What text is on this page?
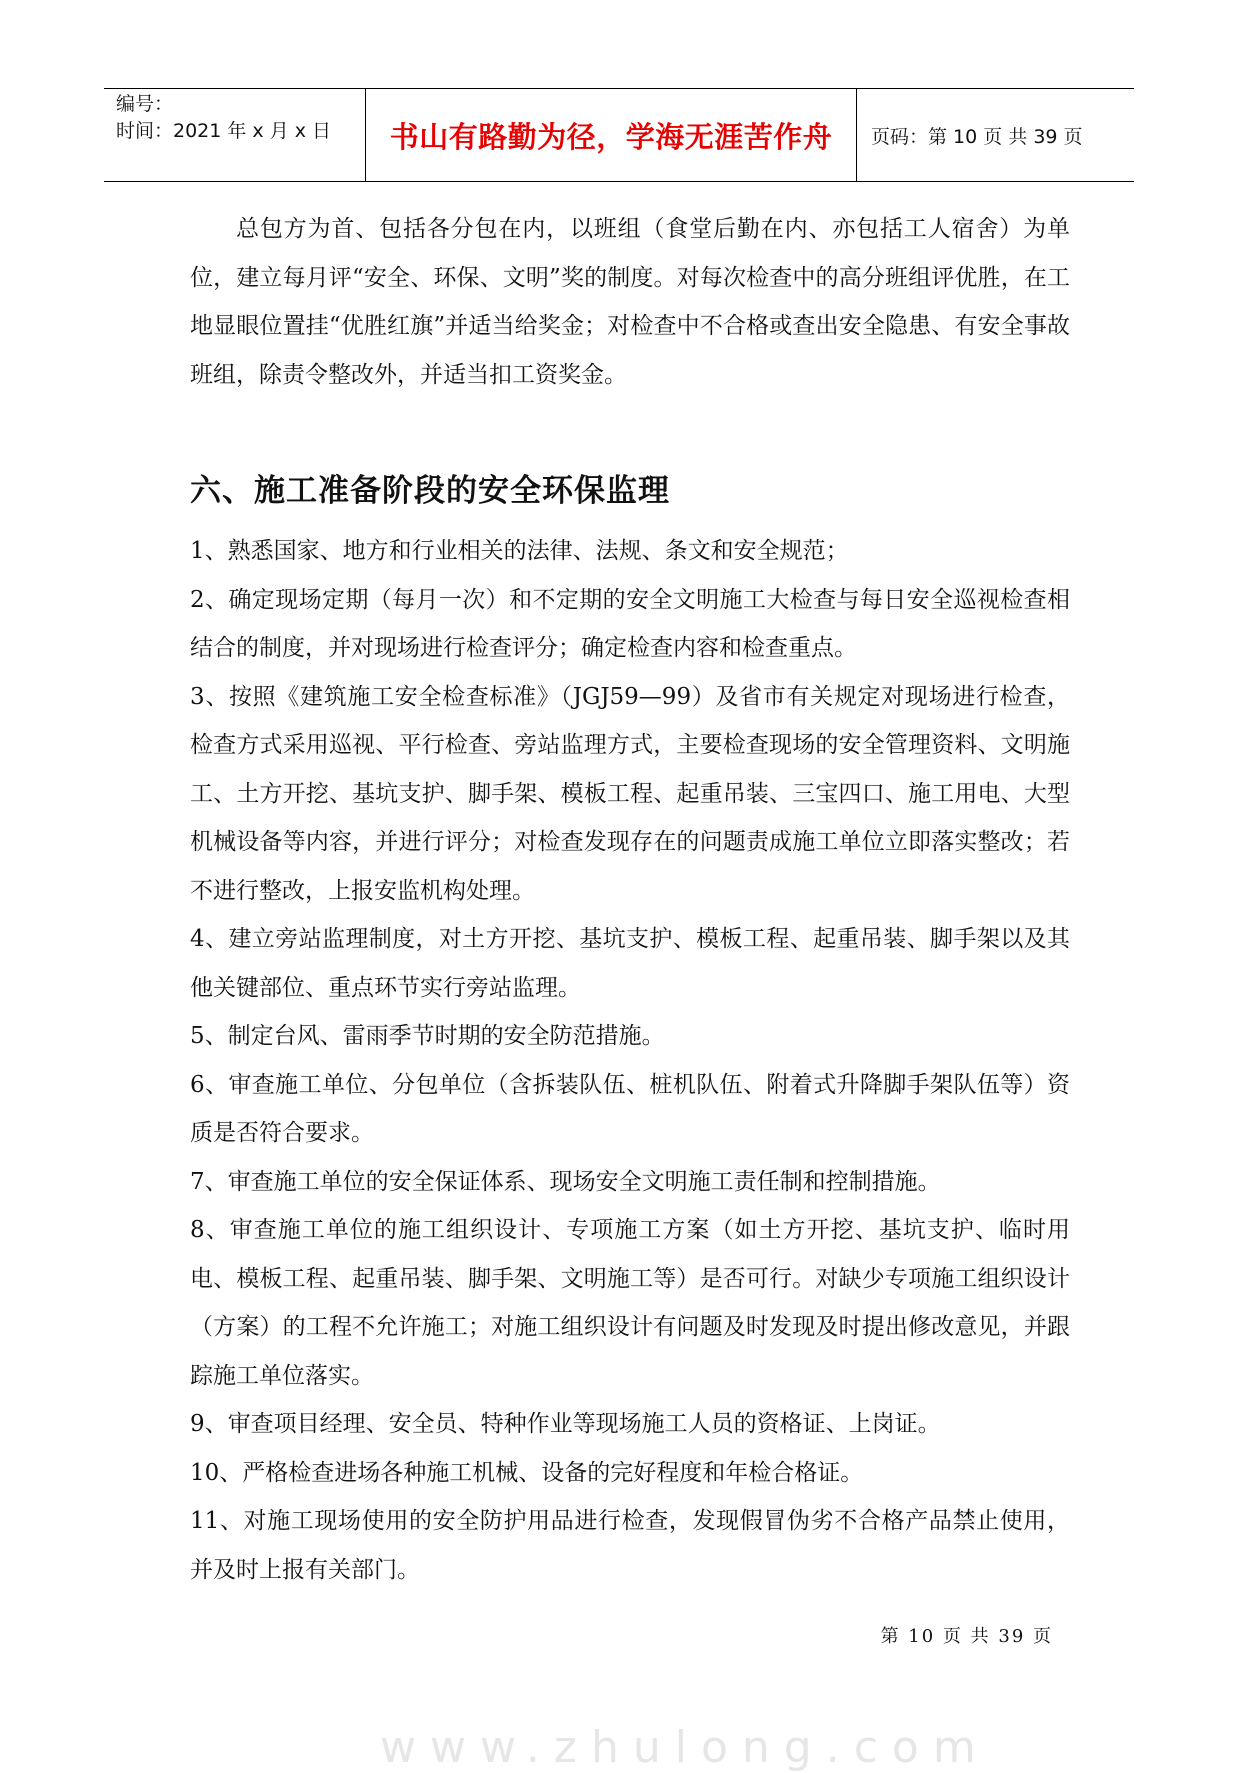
编号：
时间：2021 年 x 月 x 日	书山有路勤为径，学海无涯苦作舟	页码：第 10 页 共 39 页

总包方为首、包括各分包在内，以班组（食堂后勤在内、亦包括工人宿舍）为单位，建立每月评“安全、环保、文明”奖的制度。对每次检查中的高分班组评优胜，在工地显眼位置挂“优胜红旗”并适当给奖金；对检查中不合格或查出安全隐患、有安全事故班组，除责令整改外，并适当扣工资奖金。

六、施工准备阶段的安全环保监理

1、熟悉国家、地方和行业相关的法律、法规、条文和安全规范；

2、确定现场定期（每月一次）和不定期的安全文明施工大检查与每日安全巡视检查相结合的制度，并对现场进行检查评分；确定检查内容和检查重点。

3、按照《建筑施工安全检查标准》（JGJ59—99）及省市有关规定对现场进行检查，检查方式采用巡视、平行检查、旁站监理方式，主要检查现场的安全管理资料、文明施工、土方开挖、基坑支护、脚手架、模板工程、起重吊装、三宝四口、施工用电、大型机械设备等内容，并进行评分；对检查发现存在的问题责成施工单位立即落实整改；若不进行整改，上报安监机构处理。

4、建立旁站监理制度，对土方开挖、基坑支护、模板工程、起重吊装、脚手架以及其他关键部位、重点环节实行旁站监理。

5、制定台风、雷雨季节时期的安全防范措施。

6、审查施工单位、分包单位（含拆装队伍、桩机队伍、附着式升降脚手架队伍等）资质是否符合要求。

7、审查施工单位的安全保证体系、现场安全文明施工责任制和控制措施。

8、审查施工单位的施工组织设计、专项施工方案（如土方开挖、基坑支护、临时用电、模板工程、起重吊装、脚手架、文明施工等）是否可行。对缺少专项施工组织设计（方案）的工程不允许施工；对施工组织设计有问题及时发现及时提出修改意见，并跟踪施工单位落实。

9、审查项目经理、安全员、特种作业等现场施工人员的资格证、上岗证。

10、严格检查进场各种施工机械、设备的完好程度和年检合格证。

11、对施工现场使用的安全防护用品进行检查，发现假冒伪劣不合格产品禁止使用，并及时上报有关部门。

第 10 页 共 39 页
www.zhulong.com
